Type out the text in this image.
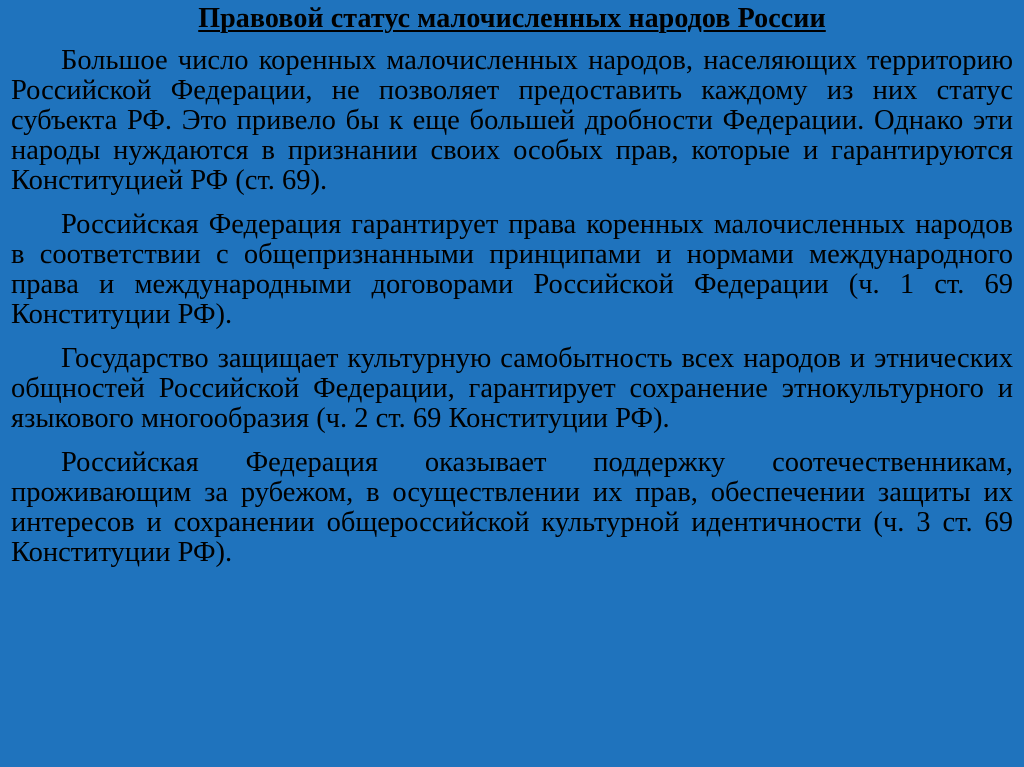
Правовой статус малочисленных народов России

Большое число коренных малочисленных народов, населяющих территорию Российской Федерации, не позволяет предоставить каждому из них статус субъекта РФ. Это привело бы к еще большей дробности Федерации. Однако эти народы нуждаются в признании своих особых прав, которые и гарантируются Конституцией РФ (ст. 69).

Российская Федерация гарантирует права коренных малочисленных народов в соответствии с общепризнанными принципами и нормами международного права и международными договорами Российской Федерации (ч. 1 ст. 69 Конституции РФ).

Государство защищает культурную самобытность всех народов и этнических общностей Российской Федерации, гарантирует сохранение этнокультурного и языкового многообразия (ч. 2 ст. 69 Конституции РФ).

Российская Федерация оказывает поддержку соотечественникам, проживающим за рубежом, в осуществлении их прав, обеспечении защиты их интересов и сохранении общероссийской культурной идентичности (ч. 3 ст. 69 Конституции РФ).
